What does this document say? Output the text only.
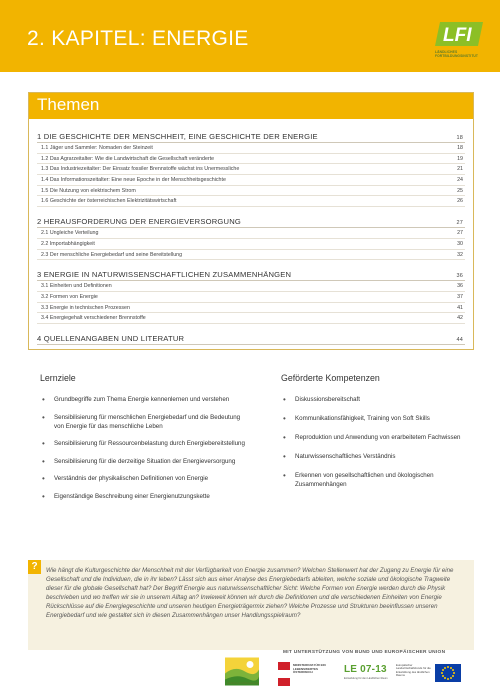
2. KAPITEL: ENERGIE	LFI
LÄNDLICHES FORTBILDUNGSINSTITUT
Themen
1 DIE GESCHICHTE DER MENSCHHEIT, EINE GESCHICHTE DER ENERGIE	18
1.1 Jäger und Sammler: Nomaden der Steinzeit	18
1.2 Das Agrarzeitalter: Wie die Landwirtschaft die Gesellschaft veränderte	19
1.3 Das Industriezeitalter: Der Einsatz fossiler Brennstoffe wächst ins Unermessliche	21
1.4 Das Informationszeitalter: Eine neue Epoche in der Menschheitsgeschichte	24
1.5 Die Nutzung von elektrischem Strom	25
1.6 Geschichte der österreichischen Elektrizitätswirtschaft	26
2 HERAUSFORDERUNG DER ENERGIEVERSORGUNG	27
2.1 Ungleiche Verteilung	27
2.2 Importabhängigkeit	30
2.3 Der menschliche Energiebedarf und seine Bereitstellung	32
3 ENERGIE IN NATURWISSENSCHAFTLICHEN ZUSAMMENHÄNGEN	36
3.1 Einheiten und Definitionen	36
3.2 Formen von Energie	37
3.3 Energie in technischen Prozessen	41
3.4 Energiegehalt verschiedener Brennstoffe	42
4 QUELLENANGABEN UND LITERATUR	44
Lernziele
• Grundbegriffe zum Thema Energie kennenlernen und verstehen
• Sensibilisierung für menschlichen Energiebedarf und die Bedeutung von Energie für das menschliche Leben
• Sensibilisierung für Ressourcenbelastung durch Energiebereitstellung
• Sensibilisierung für die derzeitige Situation der Energieversorgung
• Verständnis der physikalischen Definitionen von Energie
• Eigenständige Beschreibung einer Energienutzungskette
Geförderte Kompetenzen
• Diskussionsbereitschaft
• Kommunikationsfähigkeit, Training von Soft Skills
• Reproduktion und Anwendung von erarbeitetem Fachwissen
• Naturwissenschaftliches Verständnis
• Erkennen von gesellschaftlichen und ökologischen Zusammenhängen
?	Wie hängt die Kulturgeschichte der Menschheit mit der Verfügbarkeit von Energie zusammen? Welchen Stellenwert hat der Zugang zu Energie für eine Gesellschaft und die Individuen, die in ihr leben? Lässt sich aus einer Analyse des Energiebedarfs ableiten, welche soziale und ökologische Tragweite dieser für die globale Gesellschaft hat? Der Begriff Energie aus naturwissenschaftlicher Sicht: Welche Formen von Energie werden durch die Physik beschrieben und wo treffen wir sie in unserem Alltag an? Inwieweit können wir durch die Definitionen und die verschiedenen Einheiten von Energie Rückschlüsse auf die Energiegeschichte und unseren heutigen Energieträgermix ziehen? Welche Prozesse und Strukturen beeinflussen unseren Energiebedarf und wie gestaltet sich in diesen Zusammenhängen unser Handlungsspielraum?
Ländliches Fortbildungsinstitut
MIT UNTERSTÜTZUNG VON BUND UND EUROPÄISCHER UNION
MINISTERIUM FÜR EIN LEBENSWERTES ÖSTERREICH	LE 07-13
Entwicklung für den Ländlichen Raum
Europäischer Landwirtschaftsfonds für die Entwicklung des ländlichen Raums
